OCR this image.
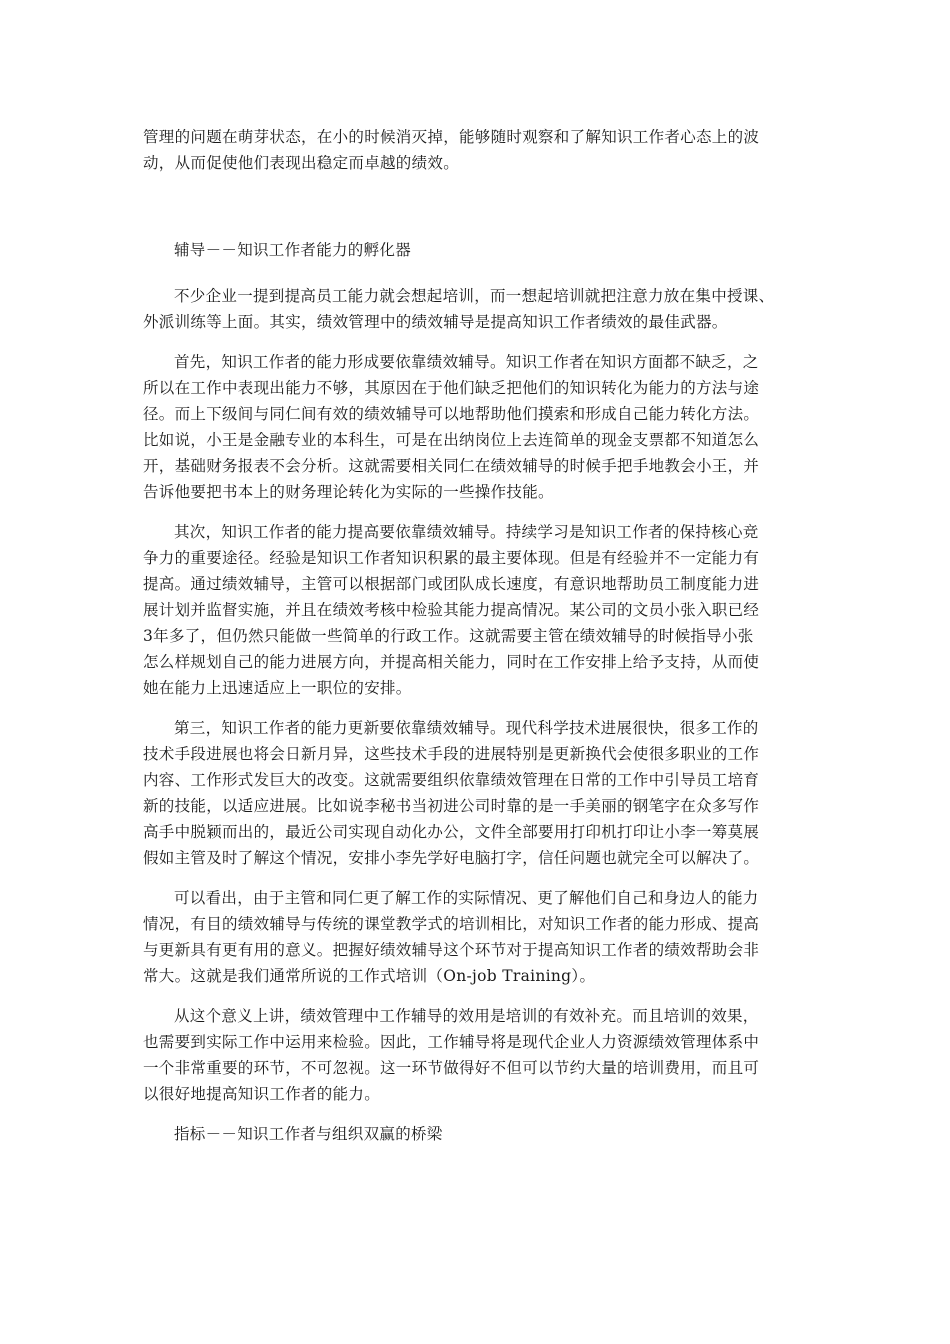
管理的问题在萌芽状态，在小的时候消灭掉，能够随时观察和了解知识工作者心态上的波
动，从而促使他们表现出稳定而卓越的绩效。
辅导－－知识工作者能力的孵化器
不少企业一提到提高员工能力就会想起培训，而一想起培训就把注意力放在集中授课、
外派训练等上面。其实，绩效管理中的绩效辅导是提高知识工作者绩效的最佳武器。
首先，知识工作者的能力形成要依靠绩效辅导。知识工作者在知识方面都不缺乏，之
所以在工作中表现出能力不够，其原因在于他们缺乏把他们的知识转化为能力的方法与途
径。而上下级间与同仁间有效的绩效辅导可以地帮助他们摸索和形成自己能力转化方法。
比如说，小王是金融专业的本科生，可是在出纳岗位上去连简单的现金支票都不知道怎么
开，基础财务报表不会分析。这就需要相关同仁在绩效辅导的时候手把手地教会小王，并
告诉他要把书本上的财务理论转化为实际的一些操作技能。
其次，知识工作者的能力提高要依靠绩效辅导。持续学习是知识工作者的保持核心竞
争力的重要途径。经验是知识工作者知识积累的最主要体现。但是有经验并不一定能力有
提高。通过绩效辅导，主管可以根据部门或团队成长速度，有意识地帮助员工制度能力进
展计划并监督实施，并且在绩效考核中检验其能力提高情况。某公司的文员小张入职已经
3年多了，但仍然只能做一些简单的行政工作。这就需要主管在绩效辅导的时候指导小张
怎么样规划自己的能力进展方向，并提高相关能力，同时在工作安排上给予支持，从而使
她在能力上迅速适应上一职位的安排。
第三，知识工作者的能力更新要依靠绩效辅导。现代科学技术进展很快，很多工作的
技术手段进展也将会日新月异，这些技术手段的进展特别是更新换代会使很多职业的工作
内容、工作形式发巨大的改变。这就需要组织依靠绩效管理在日常的工作中引导员工培育
新的技能，以适应进展。比如说李秘书当初进公司时靠的是一手美丽的钢笔字在众多写作
高手中脱颖而出的，最近公司实现自动化办公，文件全部要用打印机打印让小李一筹莫展
假如主管及时了解这个情况，安排小李先学好电脑打字，信任问题也就完全可以解决了。
可以看出，由于主管和同仁更了解工作的实际情况、更了解他们自己和身边人的能力
情况，有目的绩效辅导与传统的课堂教学式的培训相比，对知识工作者的能力形成、提高
与更新具有更有用的意义。把握好绩效辅导这个环节对于提高知识工作者的绩效帮助会非
常大。这就是我们通常所说的工作式培训（On-job Training）。
从这个意义上讲，绩效管理中工作辅导的效用是培训的有效补充。而且培训的效果，
也需要到实际工作中运用来检验。因此，工作辅导将是现代企业人力资源绩效管理体系中
一个非常重要的环节，不可忽视。这一环节做得好不但可以节约大量的培训费用，而且可
以很好地提高知识工作者的能力。
指标－－知识工作者与组织双赢的桥梁
